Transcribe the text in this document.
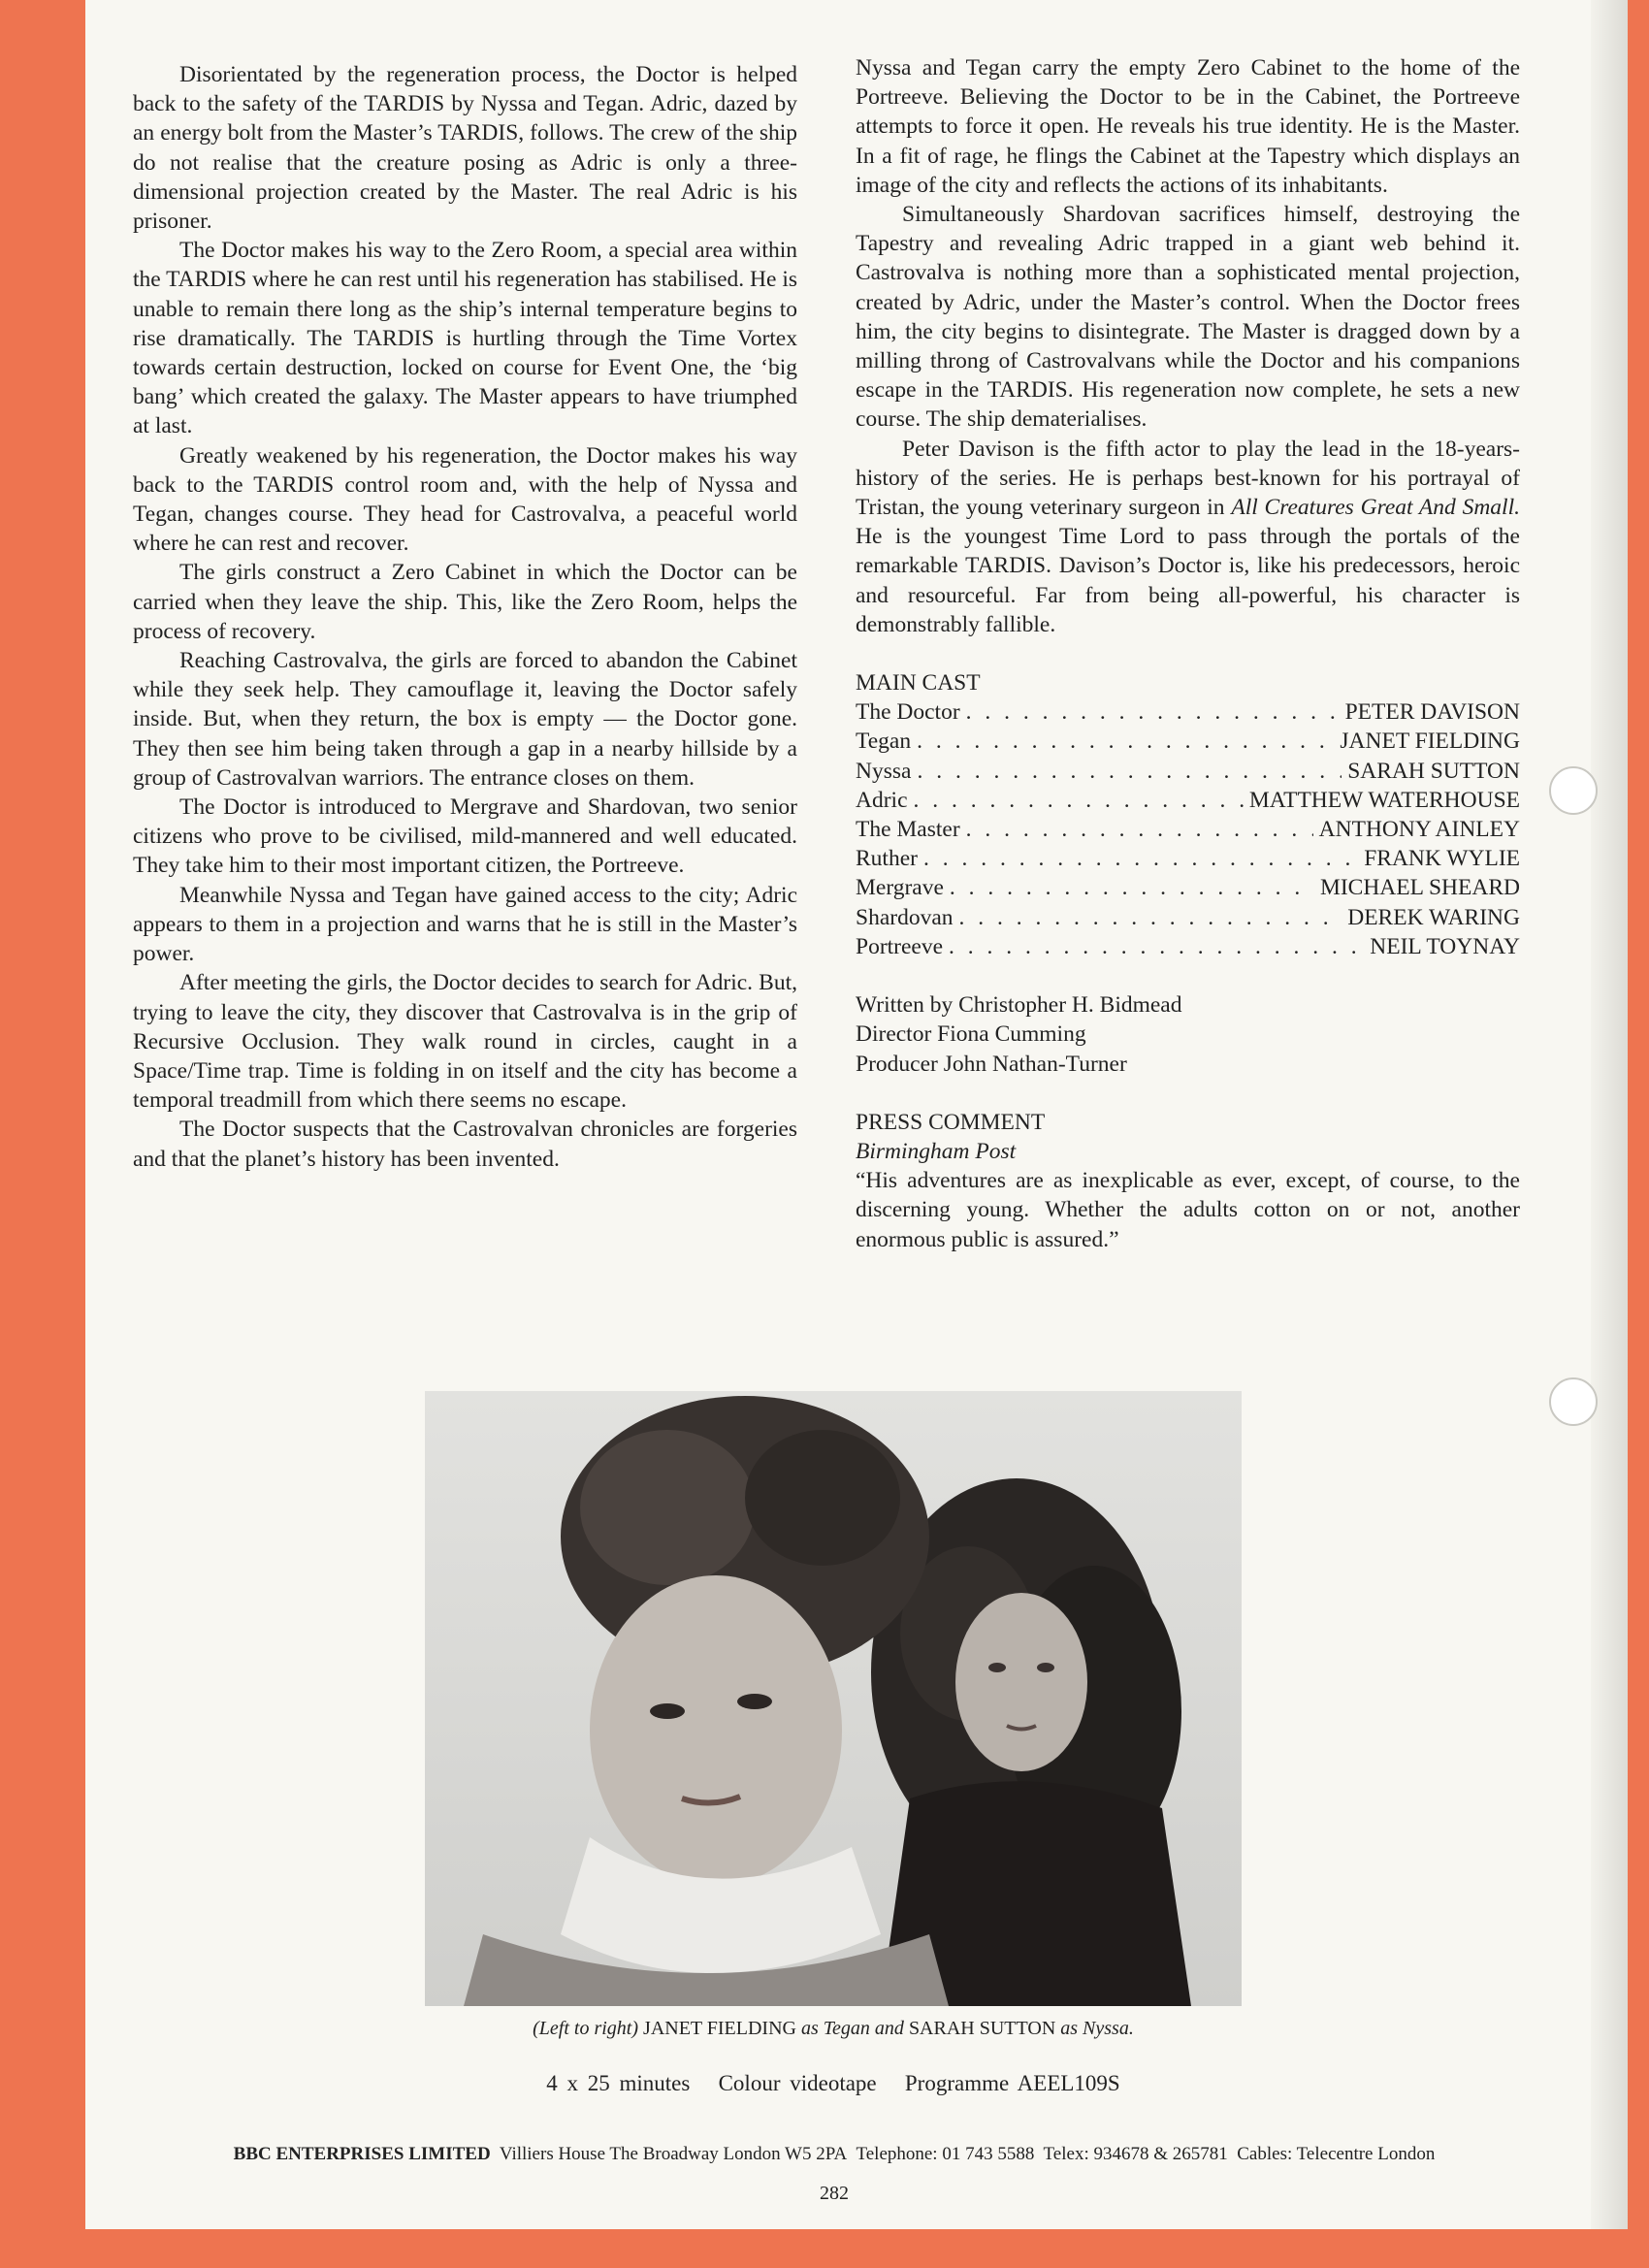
Disorientated by the regeneration process, the Doctor is helped back to the safety of the TARDIS by Nyssa and Tegan. Adric, dazed by an energy bolt from the Master’s TARDIS, follows. The crew of the ship do not realise that the creature posing as Adric is only a three-dimensional projection created by the Master. The real Adric is his prisoner.

The Doctor makes his way to the Zero Room, a special area within the TARDIS where he can rest until his regeneration has stabilised. He is unable to remain there long as the ship’s internal temperature begins to rise dramatically. The TARDIS is hurtling through the Time Vortex towards certain destruction, locked on course for Event One, the ‘big bang’ which created the galaxy. The Master appears to have triumphed at last.

Greatly weakened by his regeneration, the Doctor makes his way back to the TARDIS control room and, with the help of Nyssa and Tegan, changes course. They head for Castrovalva, a peaceful world where he can rest and recover.

The girls construct a Zero Cabinet in which the Doctor can be carried when they leave the ship. This, like the Zero Room, helps the process of recovery.

Reaching Castrovalva, the girls are forced to abandon the Cabinet while they seek help. They camouflage it, leaving the Doctor safely inside. But, when they return, the box is empty — the Doctor gone. They then see him being taken through a gap in a nearby hillside by a group of Castrovalvan warriors. The entrance closes on them.

The Doctor is introduced to Mergrave and Shardovan, two senior citizens who prove to be civilised, mild-mannered and well educated. They take him to their most important citizen, the Portreeve.

Meanwhile Nyssa and Tegan have gained access to the city; Adric appears to them in a projection and warns that he is still in the Master’s power.

After meeting the girls, the Doctor decides to search for Adric. But, trying to leave the city, they discover that Castrovalva is in the grip of Recursive Occlusion. They walk round in circles, caught in a Space/Time trap. Time is folding in on itself and the city has become a temporal treadmill from which there seems no escape.

The Doctor suspects that the Castrovalvan chronicles are forgeries and that the planet’s history has been invented.

Nyssa and Tegan carry the empty Zero Cabinet to the home of the Portreeve. Believing the Doctor to be in the Cabinet, the Portreeve attempts to force it open. He reveals his true identity. He is the Master. In a fit of rage, he flings the Cabinet at the Tapestry which displays an image of the city and reflects the actions of its inhabitants.

Simultaneously Shardovan sacrifices himself, destroying the Tapestry and revealing Adric trapped in a giant web behind it. Castrovalva is nothing more than a sophisticated mental projection, created by Adric, under the Master’s control. When the Doctor frees him, the city begins to disintegrate. The Master is dragged down by a milling throng of Castrovalvans while the Doctor and his companions escape in the TARDIS. His regeneration now complete, he sets a new course. The ship dematerialises.

Peter Davison is the fifth actor to play the lead in the 18-years-history of the series. He is perhaps best-known for his portrayal of Tristan, the young veterinary surgeon in All Creatures Great And Small. He is the youngest Time Lord to pass through the portals of the remarkable TARDIS. Davison’s Doctor is, like his predecessors, heroic and resourceful. Far from being all-powerful, his character is demonstrably fallible.

MAIN CAST
The Doctor . . .	PETER DAVISON
Tegan . . .	JANET FIELDING
Nyssa . . .	SARAH SUTTON
Adric . . .	MATTHEW WATERHOUSE
The Master . . .	ANTHONY AINLEY
Ruther . . .	FRANK WYLIE
Mergrave . . .	MICHAEL SHEARD
Shardovan . . .	DEREK WARING
Portreeve . . .	NEIL TOYNAY
Written by Christopher H. Bidmead
Director Fiona Cumming
Producer John Nathan-Turner
PRESS COMMENT
Birmingham Post
“His adventures are as inexplicable as ever, except, of course, to the discerning young. Whether the adults cotton on or not, another enormous public is assured.”
(Left to right) JANET FIELDING as Tegan and SARAH SUTTON as Nyssa.
4 x 25 minutes Colour videotape Programme AEEL109S
BBC ENTERPRISES LIMITED Villiers House The Broadway London W5 2PA Telephone: 01 743 5588 Telex: 934678 & 265781 Cables: Telecentre London
282
